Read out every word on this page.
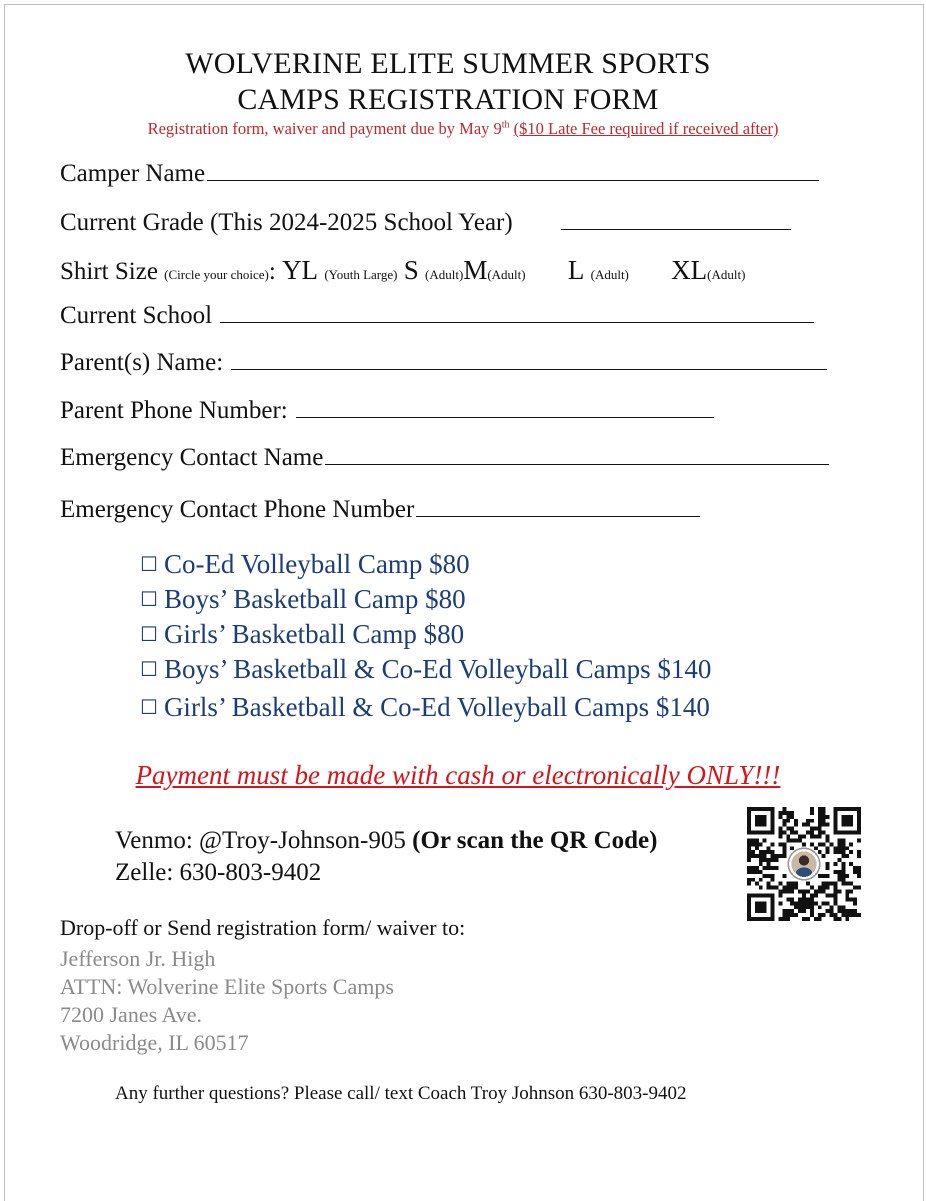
WOLVERINE ELITE SUMMER SPORTS
CAMPS REGISTRATION FORM
Registration form, waiver and payment due by May 9th ($10 Late Fee required if received after)
Camper Name
Current Grade (This 2024-2025 School Year)
Shirt Size (Circle your choice): YL (Youth Large) S (Adult)M(Adult) L (Adult) XL(Adult)
Current School
Parent(s) Name:
Parent Phone Number:
Emergency Contact Name
Emergency Contact Phone Number
☐ Co-Ed Volleyball Camp $80
☐ Boys’ Basketball Camp $80
☐ Girls’ Basketball Camp $80
☐ Boys’ Basketball & Co-Ed Volleyball Camps $140
☐ Girls’ Basketball & Co-Ed Volleyball Camps $140
Payment must be made with cash or electronically ONLY!!!
Venmo: @Troy-Johnson-905 (Or scan the QR Code)
Zelle: 630-803-9402
Drop-off or Send registration form/ waiver to:
Jefferson Jr. High
ATTN: Wolverine Elite Sports Camps
7200 Janes Ave.
Woodridge, IL 60517
Any further questions? Please call/ text Coach Troy Johnson 630-803-9402
